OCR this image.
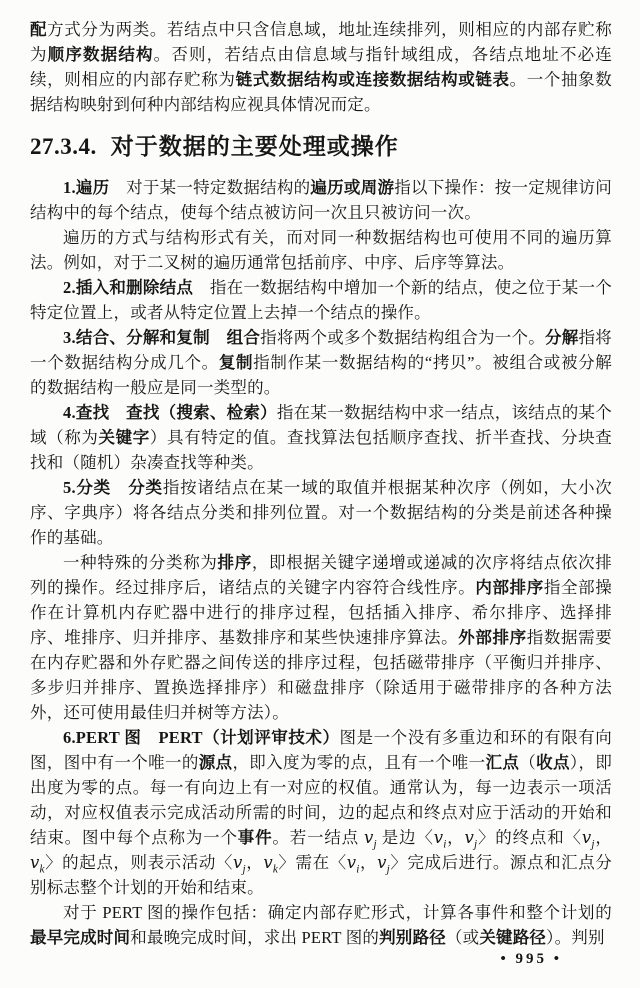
配方式分为两类。若结点中只含信息域，地址连续排列，则相应的内部存贮称为顺序数据结构。否则，若结点由信息域与指针域组成，各结点地址不必连续，则相应的内部存贮称为链式数据结构或连接数据结构或链表。一个抽象数据结构映射到何种内部结构应视具体情况而定。

27.3.4. 对于数据的主要处理或操作

1.遍历　对于某一特定数据结构的遍历或周游指以下操作：按一定规律访问结构中的每个结点，使每个结点被访问一次且只被访问一次。

遍历的方式与结构形式有关，而对同一种数据结构也可使用不同的遍历算法。例如，对于二叉树的遍历通常包括前序、中序、后序等算法。

2.插入和删除结点　指在一数据结构中增加一个新的结点，使之位于某一个特定位置上，或者从特定位置上去掉一个结点的操作。

3.结合、分解和复制　 组合指将两个或多个数据结构组合为一个。分解指将一个数据结构分成几个。复制指制作某一数据结构的“拷贝”。被组合或被分解的数据结构一般应是同一类型的。

4.查找　 查找（搜索、检索）指在某一数据结构中求一结点，该结点的某个域（称为关键字）具有特定的值。查找算法包括顺序查找、折半查找、分块查找和（随机）杂凑查找等种类。

5.分类　 分类指按诸结点在某一域的取值并根据某种次序（例如，大小次序、字典序）将各结点分类和排列位置。对一个数据结构的分类是前述各种操作的基础。

一种特殊的分类称为排序，即根据关键字递增或递减的次序将结点依次排列的操作。经过排序后，诸结点的关键字内容符合线性序。内部排序指全部操作在计算机内存贮器中进行的排序过程，包括插入排序、希尔排序、选择排序、堆排序、归并排序、基数排序和某些快速排序算法。外部排序指数据需要在内存贮器和外存贮器之间传送的排序过程，包括磁带排序（平衡归并排序、多步归并排序、置换选择排序）和磁盘排序（除适用于磁带排序的各种方法外，还可使用最佳归并树等方法）。

6.PERT 图　 PERT（计划评审技术）图是一个没有多重边和环的有限有向图，图中有一个唯一的源点，即入度为零的点，且有一个唯一汇点（收点），即出度为零的点。每一有向边上有一对应的权值。通常认为，每一边表示一项活动，对应权值表示完成活动所需的时间，边的起点和终点对应于活动的开始和结束。图中每个点称为一个事件。若一结点 $v_j$ 是边〈$v_i$，$v_j$〉的终点和〈$v_j$，$v_k$〉的起点，则表示活动〈$v_j$，$v_k$〉需在〈$v_i$，$v_j$〉完成后进行。源点和汇点分别标志整个计划的开始和结束。

对于 PERT 图的操作包括：确定内部存贮形式，计算各事件和整个计划的最早完成时间和最晚完成时间，求出 PERT 图的判别路径（或关键路径）。判别

• 995 •
